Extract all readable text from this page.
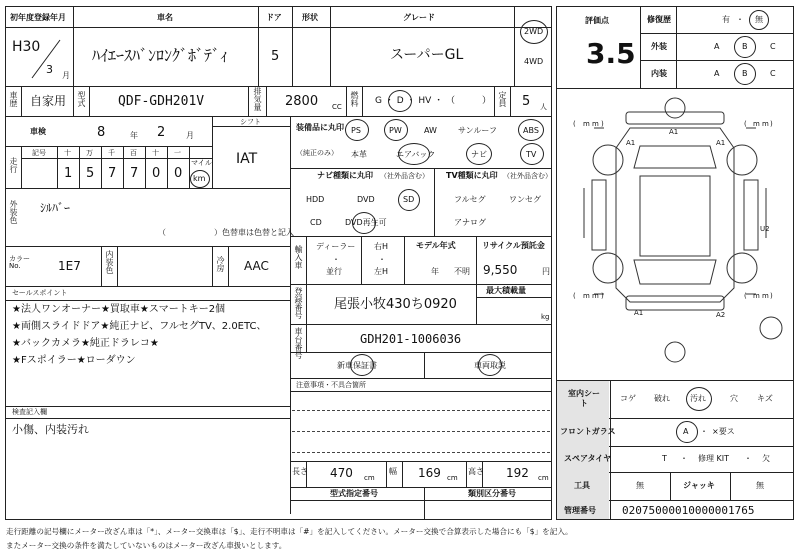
初年度登録年月
H30
3 月
車名
ﾊｲｴｰｽﾊﾞﾝﾛﾝｸﾞﾎﾞﾃﾞｨ
ドア
5
形状	グレード
スーパーGL
2WD
4WD
車歴 自家用 型式 QDF-GDH201V	排気量 2800 CC 燃料 G ・ D ・ HV ・ （　　　） 定員 5 人
車検	8	年 2	月
シフト
IAT
走行
記号	十 万 千 百 十 一
1 5 7 7 0 0
マイル
km
外装色 ｼﾙﾊﾞｰ
（　　　　　　）色替車は色替と記入
カラーNo.	1E7	内装色	冷房 AAC
セールスポイント
★法人ワンオーナー★買取車★スマートキー2個
★両側スライドドア★純正ナビ、フルセグTV、2.0ETC、
★バックカメラ★純正ドラレコ★
★Fスポイラー★ローダウン
検査記入欄
小傷、内装汚れ
装備品に丸印
（純正のみ）
PS	PW	AW	サンルーフ	ABS
本革	エアバック	ナビ	TV
ナビ種類に丸印 （社外品含む）
HDD	DVD	SD
CD	DVD再生可
TV種類に丸印 （社外品含む）
フルセグ	ワンセグ
アナログ
輸入車 ディーラー
・
並行
右H
・
左H
モデル年式
年 不明
リサイクル預託金
9,550	円
登録番号 尾張小牧430ち0920
最大積載量
kg
車台番号	GDH201-1006036
新車保証書	車両取説
注意事項・不具合箇所
長さ 470 cm
幅 169 cm
高さ 192 cm
型式指定番号	類別区分番号
評価点
3.5
修復歴	有 ・ 無
外装	A	B	C
内装	A	B	C
( m m )	( m m )
( m m )	( m m )
A1
A1	A1
U2
A1	A2
室内シート
コゲ 破れ	汚れ	穴 キズ
フロントガラス	A ・ ×要ス
スペアタイヤ	T ・ 修理 KIT ・ 欠
工具	無	ジャッキ	無
管理番号 02075000010000001765
走行距離の記号欄にメーター改ざん車は「*」、メーター交換車は「$」、走行不明車は「#」を記入してください。メーター交換で合算表示した場合にも「$」を記入。
またメーター交換の条件を満たしていないものはメーター改ざん車扱いとします。
